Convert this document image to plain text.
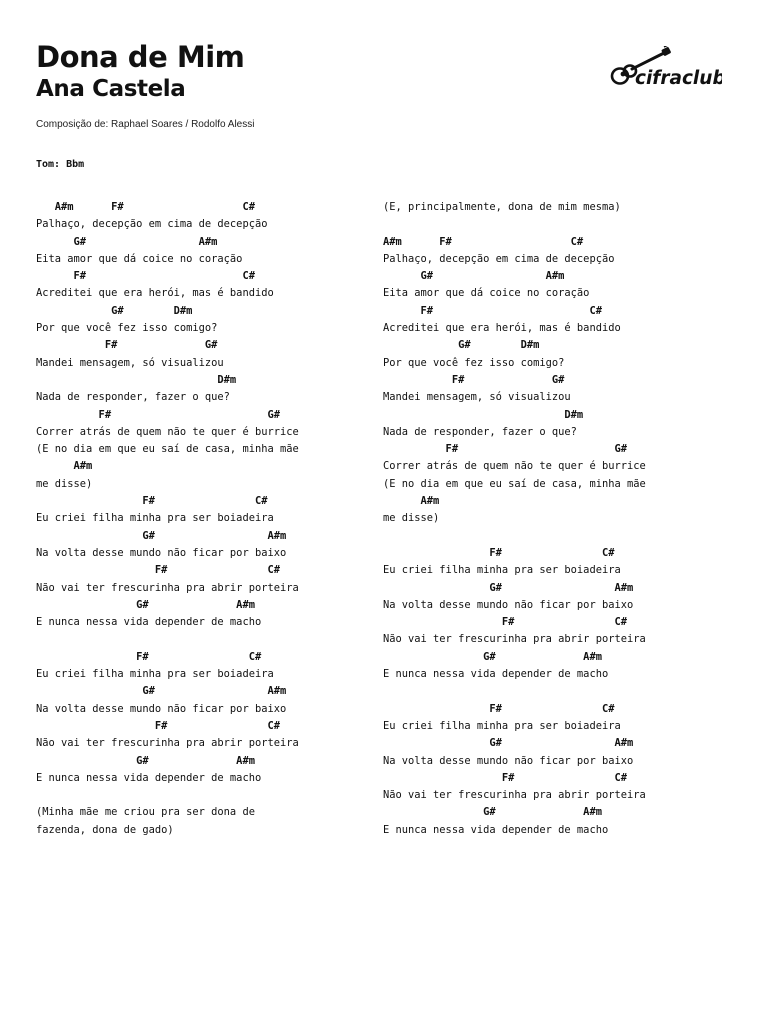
Dona de Mim
Ana Castela	cifraclub
Composição de: Raphael Soares / Rodolfo Alessi
Tom: Bbm
A#m      F#                   C#
Palhaço, decepção em cima de decepção
G#                  A#m
Eita amor que dá coice no coração
F#                         C#
Acreditei que era herói, mas é bandido
G#        D#m
Por que você fez isso comigo?
F#              G#
Mandei mensagem, só visualizou
D#m
Nada de responder, fazer o que?
F#                         G#
Correr atrás de quem não te quer é burrice
(E no dia em que eu saí de casa, minha mãe
A#m
me disse)
F#                C#
Eu criei filha minha pra ser boiadeira
G#                  A#m
Na volta desse mundo não ficar por baixo
F#                C#
Não vai ter frescurinha pra abrir porteira
G#              A#m
E nunca nessa vida depender de macho
F#                C#
Eu criei filha minha pra ser boiadeira
G#                  A#m
Na volta desse mundo não ficar por baixo
F#                C#
Não vai ter frescurinha pra abrir porteira
G#              A#m
E nunca nessa vida depender de macho
(Minha mãe me criou pra ser dona de
fazenda, dona de gado)
(E, principalmente, dona de mim mesma)
A#m      F#                   C#
Palhaço, decepção em cima de decepção
G#                  A#m
Eita amor que dá coice no coração
F#                         C#
Acreditei que era herói, mas é bandido
G#        D#m
Por que você fez isso comigo?
F#              G#
Mandei mensagem, só visualizou
D#m
Nada de responder, fazer o que?
F#                         G#
Correr atrás de quem não te quer é burrice
(E no dia em que eu saí de casa, minha mãe
A#m
me disse)
F#                C#
Eu criei filha minha pra ser boiadeira
G#                  A#m
Na volta desse mundo não ficar por baixo
F#                C#
Não vai ter frescurinha pra abrir porteira
G#              A#m
E nunca nessa vida depender de macho
F#                C#
Eu criei filha minha pra ser boiadeira
G#                  A#m
Na volta desse mundo não ficar por baixo
F#                C#
Não vai ter frescurinha pra abrir porteira
G#              A#m
E nunca nessa vida depender de macho
